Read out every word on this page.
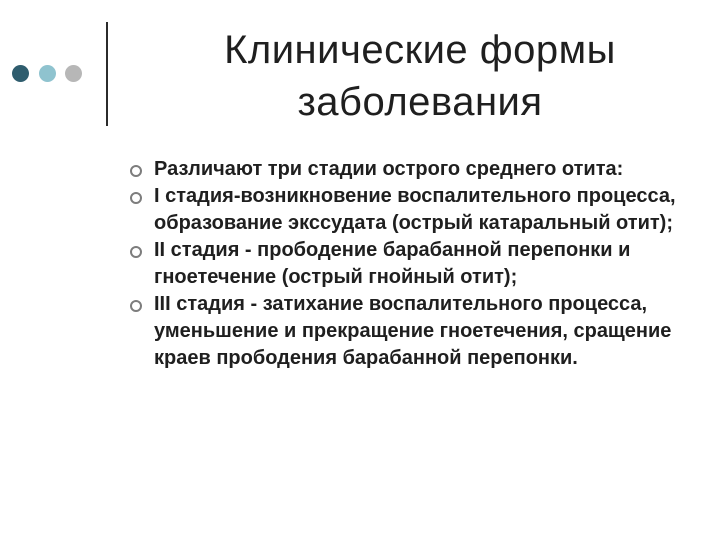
Клинические формы
заболевания
Различают три стадии острого среднего отита:
I стадия-возникновение воспалительного процесса, образование экссудата (острый катаральный отит);
II стадия - прободение барабанной перепонки и гноетечение (острый гнойный отит);
III стадия - затихание воспалительного процесса, уменьшение и прекращение гноетечения, сращение краев прободения барабанной перепонки.
